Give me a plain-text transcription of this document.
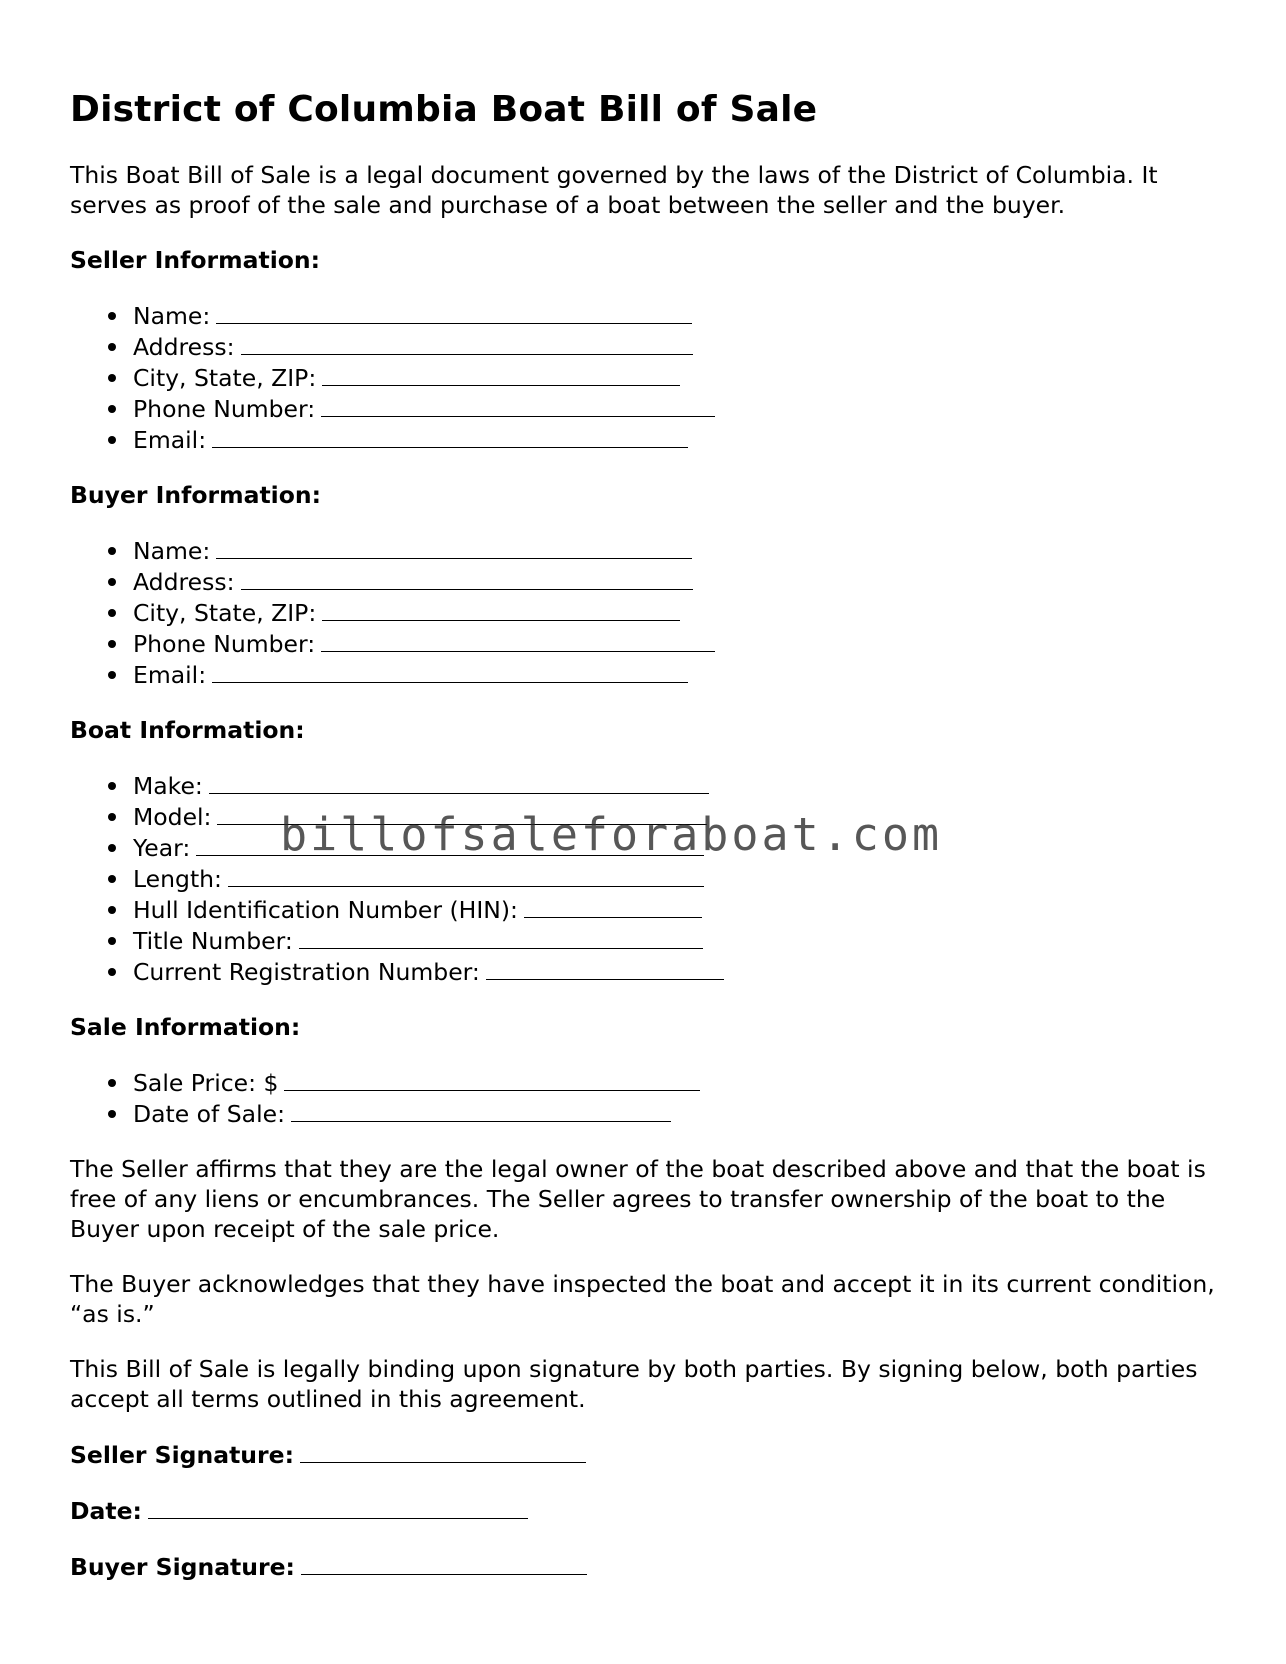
District of Columbia Boat Bill of Sale

This Boat Bill of Sale is a legal document governed by the laws of the District of Columbia. It serves as proof of the sale and purchase of a boat between the seller and the buyer.

Seller Information:
Name:
Address:
City, State, ZIP:
Phone Number:
Email:
Buyer Information:
Name:
Address:
City, State, ZIP:
Phone Number:
Email:
Boat Information:
Make:
Model:
Year:
Length:
Hull Identification Number (HIN):
Title Number:
Current Registration Number:
Sale Information:
Sale Price: $
Date of Sale:

The Seller affirms that they are the legal owner of the boat described above and that the boat is free of any liens or encumbrances. The Seller agrees to transfer ownership of the boat to the Buyer upon receipt of the sale price.

The Buyer acknowledges that they have inspected the boat and accept it in its current condition, “as is.”

This Bill of Sale is legally binding upon signature by both parties. By signing below, both parties accept all terms outlined in this agreement.

Seller Signature:
Date:
Buyer Signature:
billofsaleforaboat.com
